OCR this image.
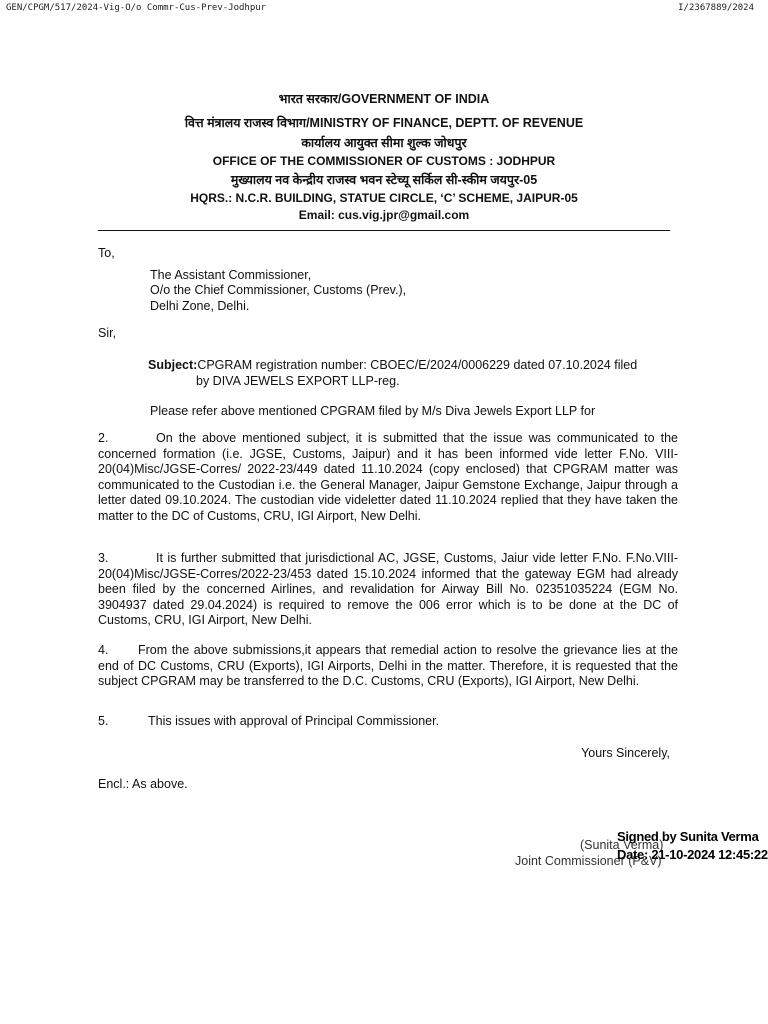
GEN/CPGM/517/2024-Vig-O/o Commr-Cus-Prev-Jodhpur	I/2367889/2024
भारत सरकार/GOVERNMENT OF INDIA
वित्त मंत्रालय राजस्व विभाग/MINISTRY OF FINANCE, DEPTT. OF REVENUE
कार्यालय आयुक्त सीमा शुल्क जोधपुर
OFFICE OF THE COMMISSIONER OF CUSTOMS : JODHPUR
मुख्यालय नव केन्द्रीय राजस्व भवन स्टेच्यू सर्किल सी-स्कीम जयपुर-05
HQRS.: N.C.R. BUILDING, STATUE CIRCLE, ‘C’ SCHEME, JAIPUR-05
Email: cus.vig.jpr@gmail.com
To,
The Assistant Commissioner,
O/o the Chief Commissioner, Customs (Prev.),
Delhi Zone, Delhi.
Sir,
Subject:CPGRAM registration number: CBOEC/E/2024/0006229 dated 07.10.2024 filed
by DIVA JEWELS EXPORT LLP-reg.
Please refer above mentioned CPGRAM filed by M/s Diva Jewels Export LLP for
2.	On the above mentioned subject, it is submitted that the issue was communicated to the concerned formation (i.e. JGSE, Customs, Jaipur) and it has been informed vide letter F.No. VIII-20(04)Misc/JGSE-Corres/ 2022-23/449 dated 11.10.2024 (copy enclosed) that CPGRAM matter was communicated to the Custodian i.e. the General Manager, Jaipur Gemstone Exchange, Jaipur through a letter dated 09.10.2024. The custodian vide videletter dated 11.10.2024 replied that they have taken the matter to the DC of Customs, CRU, IGI Airport, New Delhi.
3.	It is further submitted that jurisdictional AC, JGSE, Customs, Jaiur vide letter F.No. F.No.VIII-20(04)Misc/JGSE-Corres/2022-23/453 dated 15.10.2024 informed that the gateway EGM had already been filed by the concerned Airlines, and revalidation for Airway Bill No. 02351035224 (EGM No. 3904937 dated 29.04.2024) is required to remove the 006 error which is to be done at the DC of Customs, CRU, IGI Airport, New Delhi.
4. From the above submissions,it appears that remedial action to resolve the grievance lies at the end of DC Customs, CRU (Exports), IGI Airports, Delhi in the matter. Therefore, it is requested that the subject CPGRAM may be transferred to the D.C. Customs, CRU (Exports), IGI Airport, New Delhi.
5.	This issues with approval of Principal Commissioner.
Yours Sincerely,
Encl.: As above.
(Sunita Verma)
Joint Commissioner (P&V)
Signed by Sunita Verma
Date: 21-10-2024 12:45:22
